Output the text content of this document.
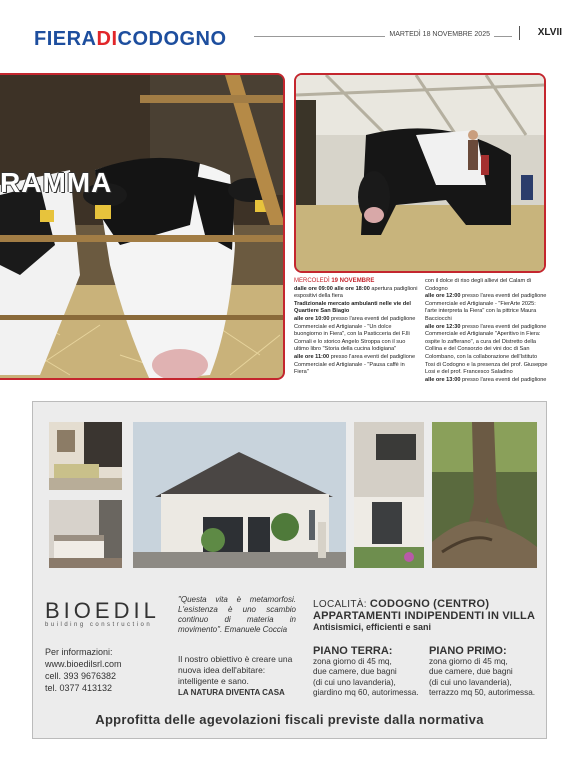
FIERADICODOGNO	MARTEDÌ 18 NOVEMBRE 2025	XLVII
RAMMA

MERCOLEDÌ 19 NOVEMBRE

dalle ore 09:00 alle ore 18:00 apertura padiglioni espositivi della fiera

Tradizionale mercato ambulanti nelle vie del Quartiere San Biagio

alle ore 10:00 presso l'area eventi del padiglione Commerciale ed Artigianale - "Un dolce buongiorno in Fiera", con la Pasticceria dei F.lli Cornali e lo storico Angelo Stroppa con il suo ultimo libro "Storia della cucina lodigiana"

alle ore 11:00 presso l'area eventi del padiglione Commerciale ed Artigianale - "Pausa caffè in Fiera"

con il dolce di riso degli allievi del Calam di Codogno

alle ore 12:00 presso l'area eventi del padiglione Commerciale ed Artigianale - "FierArte 2025: l'arte interpreta la Fiera" con la pittrice Maura Bacciocchi

alle ore 12:30 presso l'area eventi del padiglione Commerciale ed Artigianale "Aperitivo in Fiera: ospite lo zafferano", a cura del Distretto della Collina e del Consorzio dei vini doc di San Colombano, con la collaborazione dell'Istituto Tosi di Codogno e la presenza del prof. Giuseppe Losi e del prof. Francesco Saladino

alle ore 13:00 presso l'area eventi del padiglione

BIOEDIL
building construction
Per informazioni:
www.bioedilsrl.com
cell. 393 9676382
tel. 0377 413132
"Questa vita è metamorfosi. L'esistenza è uno scambio continuo di materia in movimento". Emanuele Coccia
Il nostro obiettivo è creare una nuova idea dell'abitare: intelligente e sano.
LA NATURA DIVENTA CASA
LOCALITÀ: CODOGNO (CENTRO)
APPARTAMENTI INDIPENDENTI IN VILLA
Antisismici, efficienti e sani
PIANO TERRA:
zona giorno di 45 mq,
due camere, due bagni
(di cui uno lavanderia),
giardino mq 60, autorimessa.
PIANO PRIMO:
zona giorno di 45 mq,
due camere, due bagni
(di cui uno lavanderia),
terrazzo mq 50, autorimessa.
Approfitta delle agevolazioni fiscali previste dalla normativa
